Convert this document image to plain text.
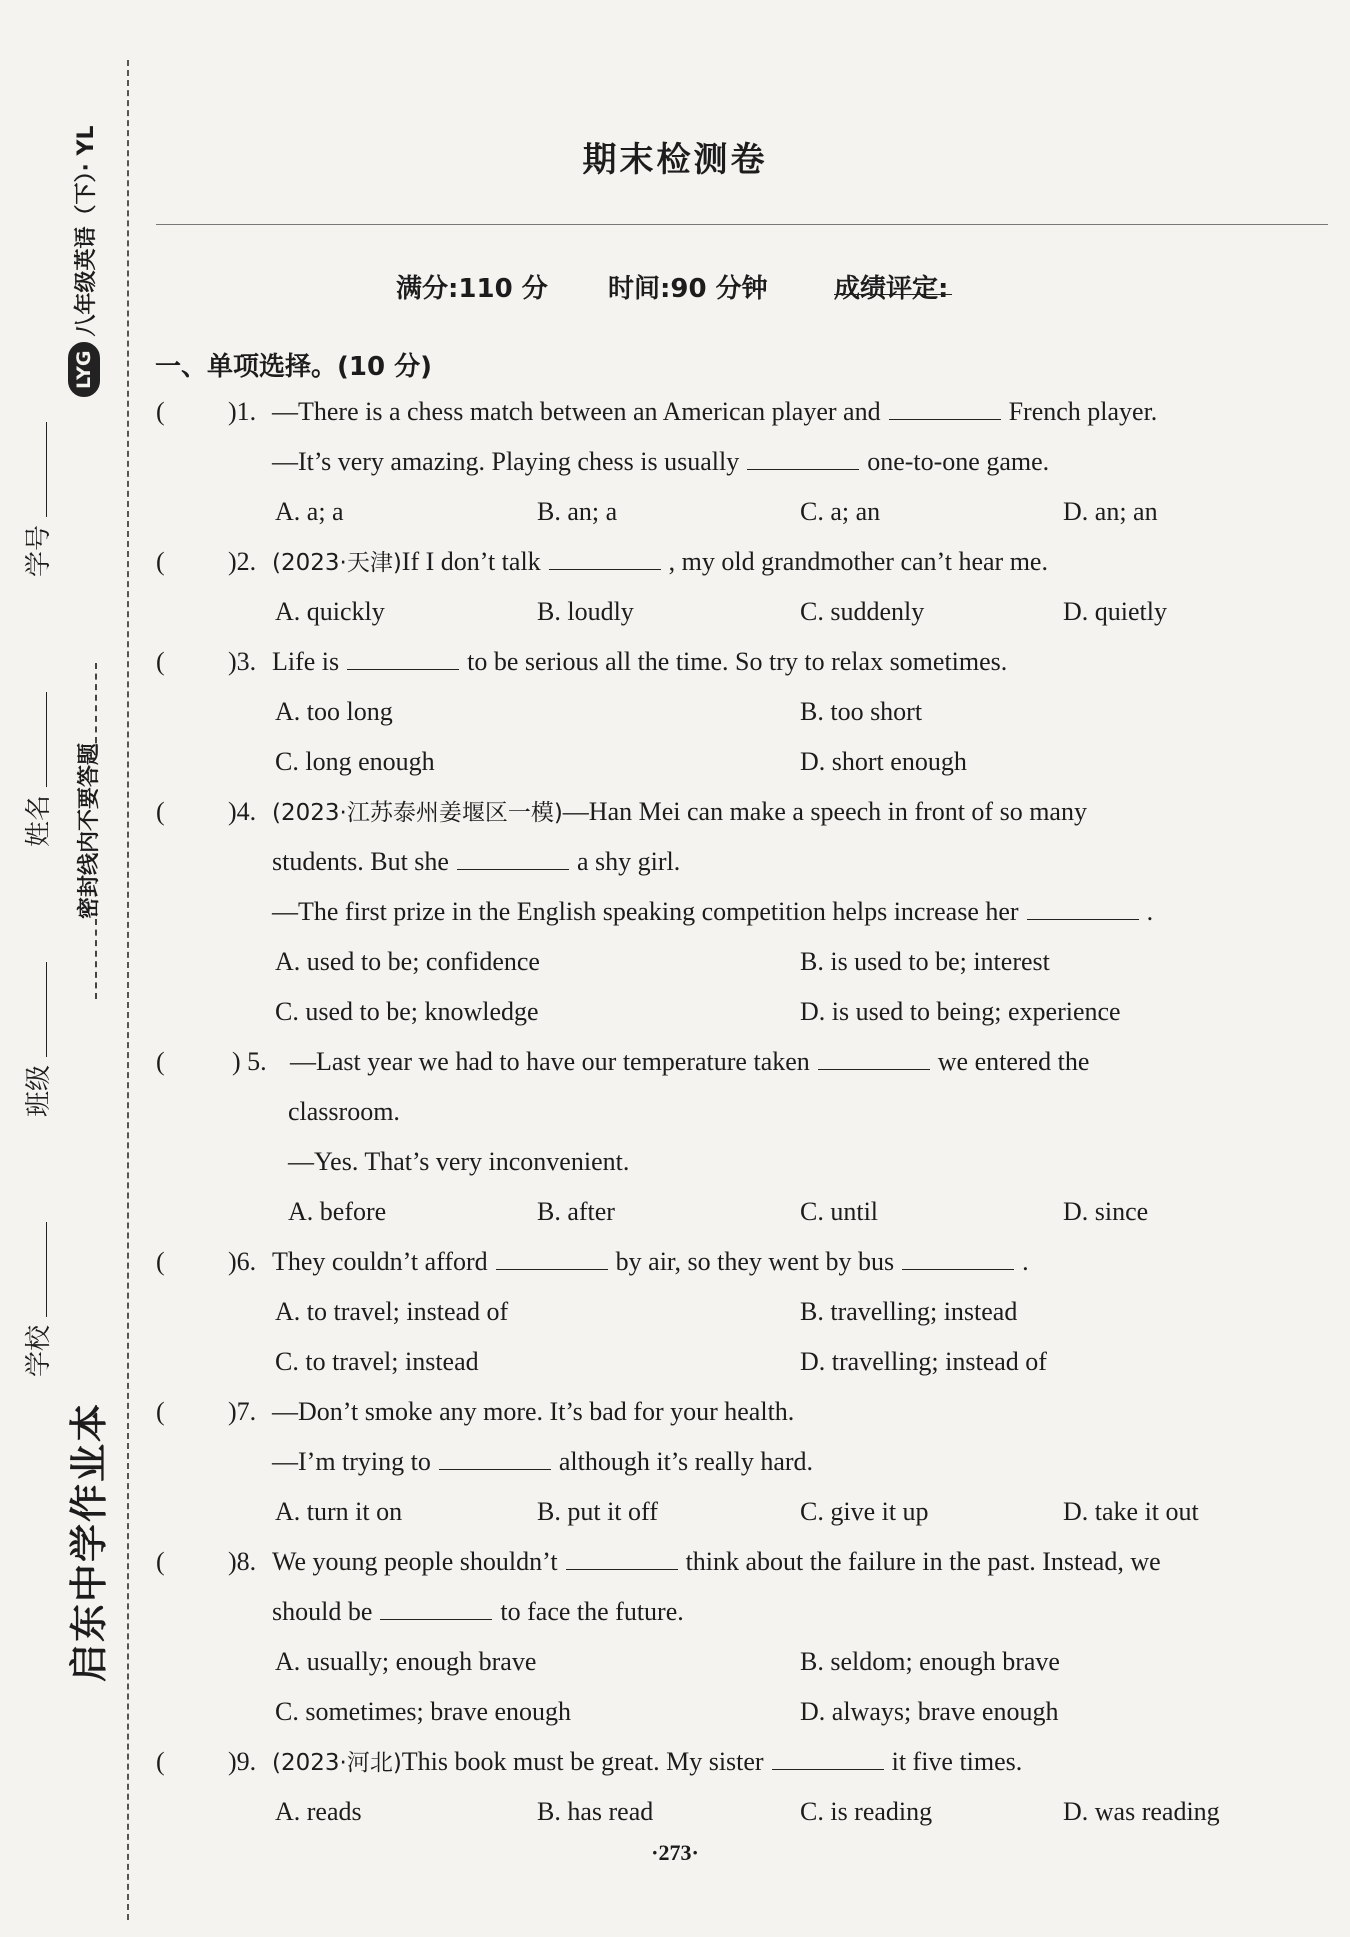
启东中学作业本
学校
班级
姓名
学号
密封线内不要答题
LYG
八年级英语（下）· YL	期末检测卷
满分:110 分 时间:90 分钟	成绩评定:
一、单项选择。(10 分)
( )1. —There is a chess match between an American player and	French player.
—It’s very amazing. Playing chess is usually	one-to-one game.
A. a; a	B. an; a	C. a; an	D. an; an
( )2. (2023·天津)If I don’t talk	, my old grandmother can’t hear me.
A. quickly	B. loudly	C. suddenly	D. quietly
( )3. Life is	to be serious all the time. So try to relax sometimes.
A. too long	B. too short
C. long enough	D. short enough
( )4. (2023·江苏泰州姜堰区一模)—Han Mei can make a speech in front of so many
students. But she	a shy girl.
—The first prize in the English speaking competition helps increase her	.
A. used to be; confidence	B. is used to be; interest
C. used to be; knowledge	D. is used to being; experience
(	) 5. —Last year we had to have our temperature taken	we entered the
classroom.
—Yes. That’s very inconvenient.
A. before	B. after	C. until	D. since
( )6. They couldn’t afford	by air, so they went by bus	.
A. to travel; instead of	B. travelling; instead
C. to travel; instead	D. travelling; instead of
( )7. —Don’t smoke any more. It’s bad for your health.
—I’m trying to	although it’s really hard.
A. turn it on	B. put it off	C. give it up	D. take it out
( )8. We young people shouldn’t	think about the failure in the past. Instead, we
should be	to face the future.
A. usually; enough brave	B. seldom; enough brave
C. sometimes; brave enough	D. always; brave enough
( )9. (2023·河北)This book must be great. My sister	it five times.
A. reads	B. has read	C. is reading	D. was reading
·273·
